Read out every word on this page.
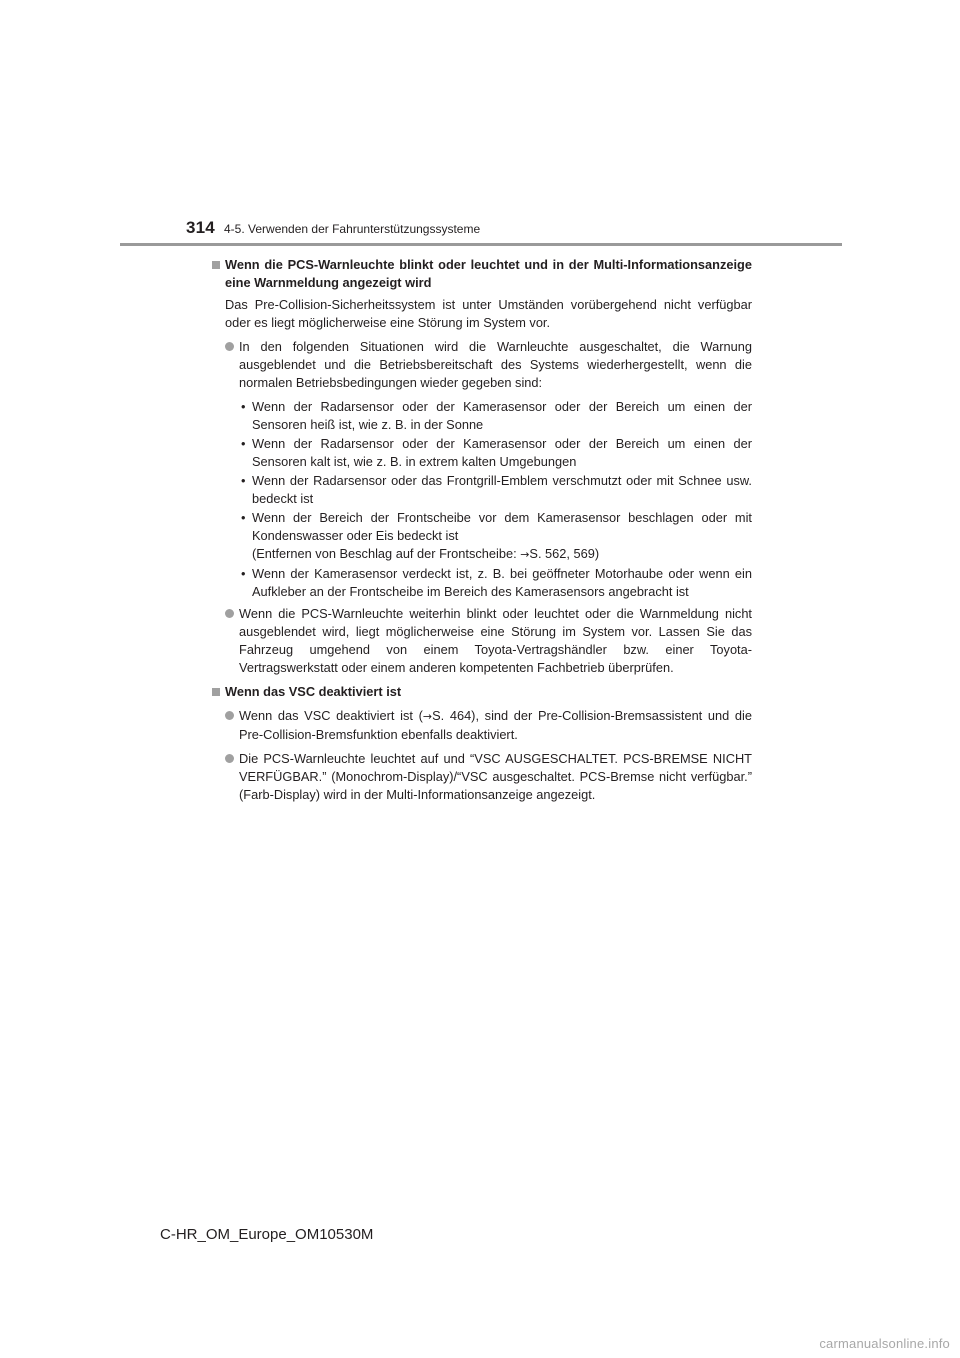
314 4-5. Verwenden der Fahrunterstützungssysteme
Wenn die PCS-Warnleuchte blinkt oder leuchtet und in der Multi-Informationsanzeige eine Warnmeldung angezeigt wird
Das Pre-Collision-Sicherheitssystem ist unter Umständen vorübergehend nicht verfügbar oder es liegt möglicherweise eine Störung im System vor.
In den folgenden Situationen wird die Warnleuchte ausgeschaltet, die Warnung ausgeblendet und die Betriebsbereitschaft des Systems wiederhergestellt, wenn die normalen Betriebsbedingungen wieder gegeben sind:
• Wenn der Radarsensor oder der Kamerasensor oder der Bereich um einen der Sensoren heiß ist, wie z. B. in der Sonne
• Wenn der Radarsensor oder der Kamerasensor oder der Bereich um einen der Sensoren kalt ist, wie z. B. in extrem kalten Umgebungen
• Wenn der Radarsensor oder das Frontgrill-Emblem verschmutzt oder mit Schnee usw. bedeckt ist
• Wenn der Bereich der Frontscheibe vor dem Kamerasensor beschlagen oder mit Kondenswasser oder Eis bedeckt ist
(Entfernen von Beschlag auf der Frontscheibe: →S. 562, 569)
• Wenn der Kamerasensor verdeckt ist, z. B. bei geöffneter Motorhaube oder wenn ein Aufkleber an der Frontscheibe im Bereich des Kamerasensors angebracht ist
Wenn die PCS-Warnleuchte weiterhin blinkt oder leuchtet oder die Warnmeldung nicht ausgeblendet wird, liegt möglicherweise eine Störung im System vor. Lassen Sie das Fahrzeug umgehend von einem Toyota-Vertragshändler bzw. einer Toyota-Vertragswerkstatt oder einem anderen kompetenten Fachbetrieb überprüfen.
Wenn das VSC deaktiviert ist
Wenn das VSC deaktiviert ist (→S. 464), sind der Pre-Collision-Bremsassistent und die Pre-Collision-Bremsfunktion ebenfalls deaktiviert.
Die PCS-Warnleuchte leuchtet auf und “VSC AUSGESCHALTET. PCS-BREMSE NICHT VERFÜGBAR.” (Monochrom-Display)/“VSC ausgeschaltet. PCS-Bremse nicht verfügbar.” (Farb-Display) wird in der Multi-Informationsanzeige angezeigt.
C-HR_OM_Europe_OM10530M
carmanualsonline.info
